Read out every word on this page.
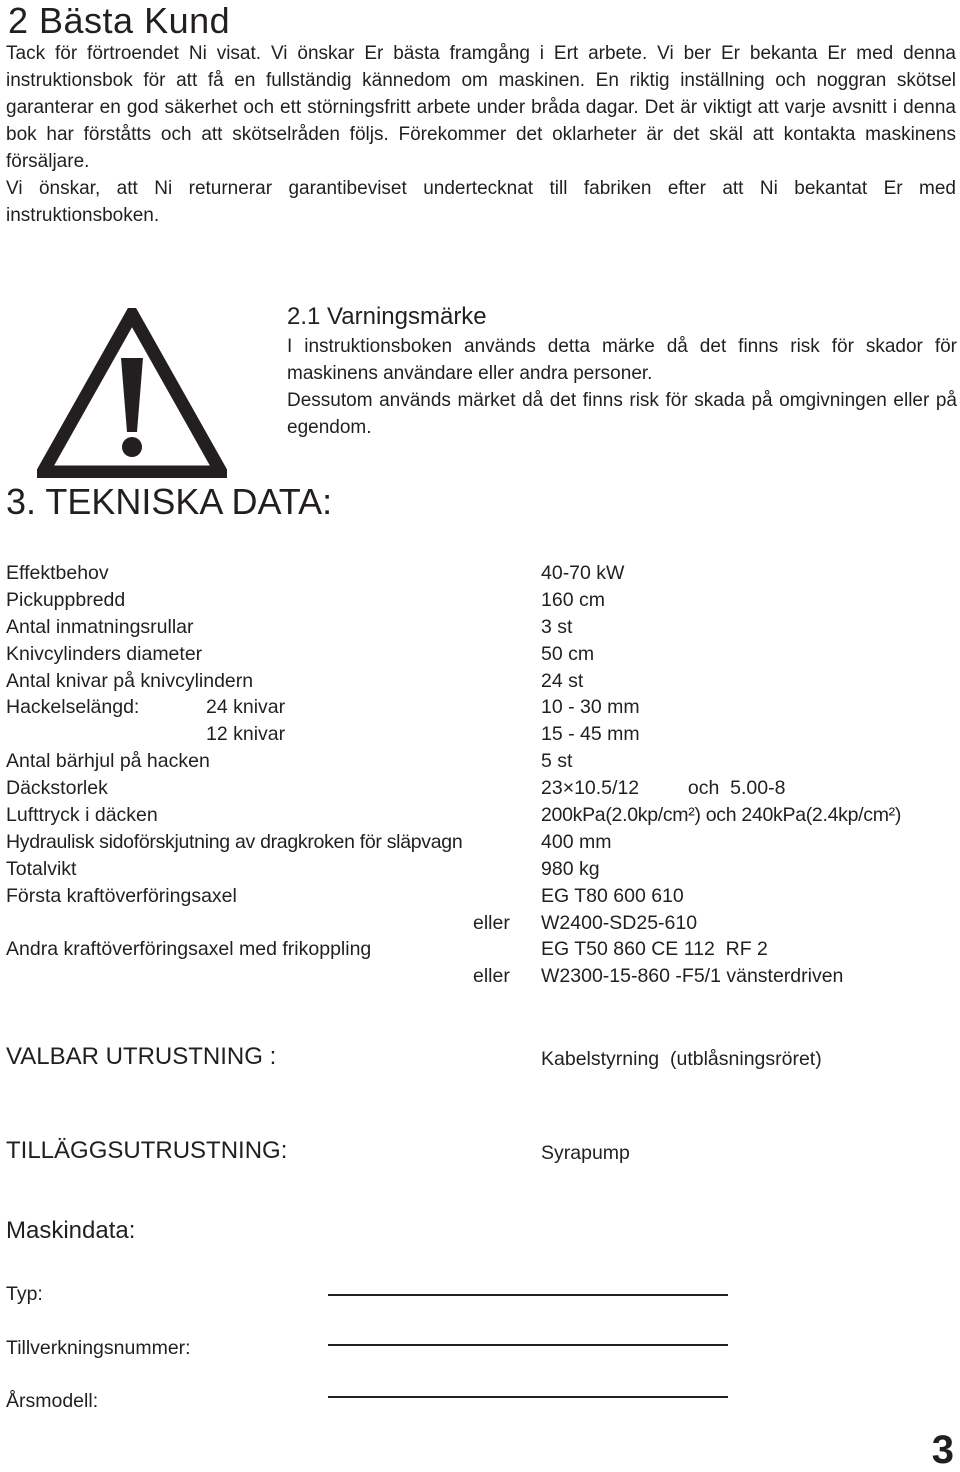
2 Bästa Kund

Tack för förtroendet Ni visat. Vi önskar Er bästa framgång i Ert arbete. Vi ber Er bekanta Er med denna instruktionsbok för att få en fullständig kännedom om maskinen. En riktig inställning och noggran skötsel garanterar en god säkerhet och ett störningsfritt arbete under bråda dagar. Det är viktigt att varje avsnitt i denna bok har förståtts och att skötselråden följs. Förekommer det oklarheter är det skäl att kontakta maskinens försäljare.

Vi önskar, att Ni returnerar garantibeviset undertecknat till fabriken efter att Ni bekantat Er med instruktionsboken.

2.1 Varningsmärke

I instruktionsboken används detta märke då det finns risk för skador för maskinens användare eller andra personer.

Dessutom används märket då det finns risk för skada på omgivningen eller på egendom.

3. TEKNISKA DATA:
Effektbehov	40-70 kW
Pickuppbredd	160 cm
Antal inmatningsrullar	3 st
Knivcylinders diameter	50 cm
Antal knivar på knivcylindern	24 st
Hackelselängd:	24 knivar	10 - 30 mm
12 knivar	15 - 45 mm
Antal bärhjul på hacken	5 st
Däckstorlek	23×10.5/12         och  5.00-8
Lufttryck i däcken	200kPa(2.0kp/cm²) och 240kPa(2.4kp/cm²)
Hydraulisk sidoförskjutning av dragkroken för släpvagn	400 mm
Totalvikt	980 kg
Första kraftöverföringsaxel	EG T80 600 610
eller W2400-SD25-610
Andra kraftöverföringsaxel med frikoppling	EG T50 860 CE 112  RF 2
eller W2300-15-860 -F5/1 vänsterdriven
VALBAR UTRUSTNING :	Kabelstyrning  (utblåsningsröret)
TILLÄGGSUTRUSTNING:	Syrapump
Maskindata:
Typ:
Tillverkningsnummer:
Årsmodell:
3
